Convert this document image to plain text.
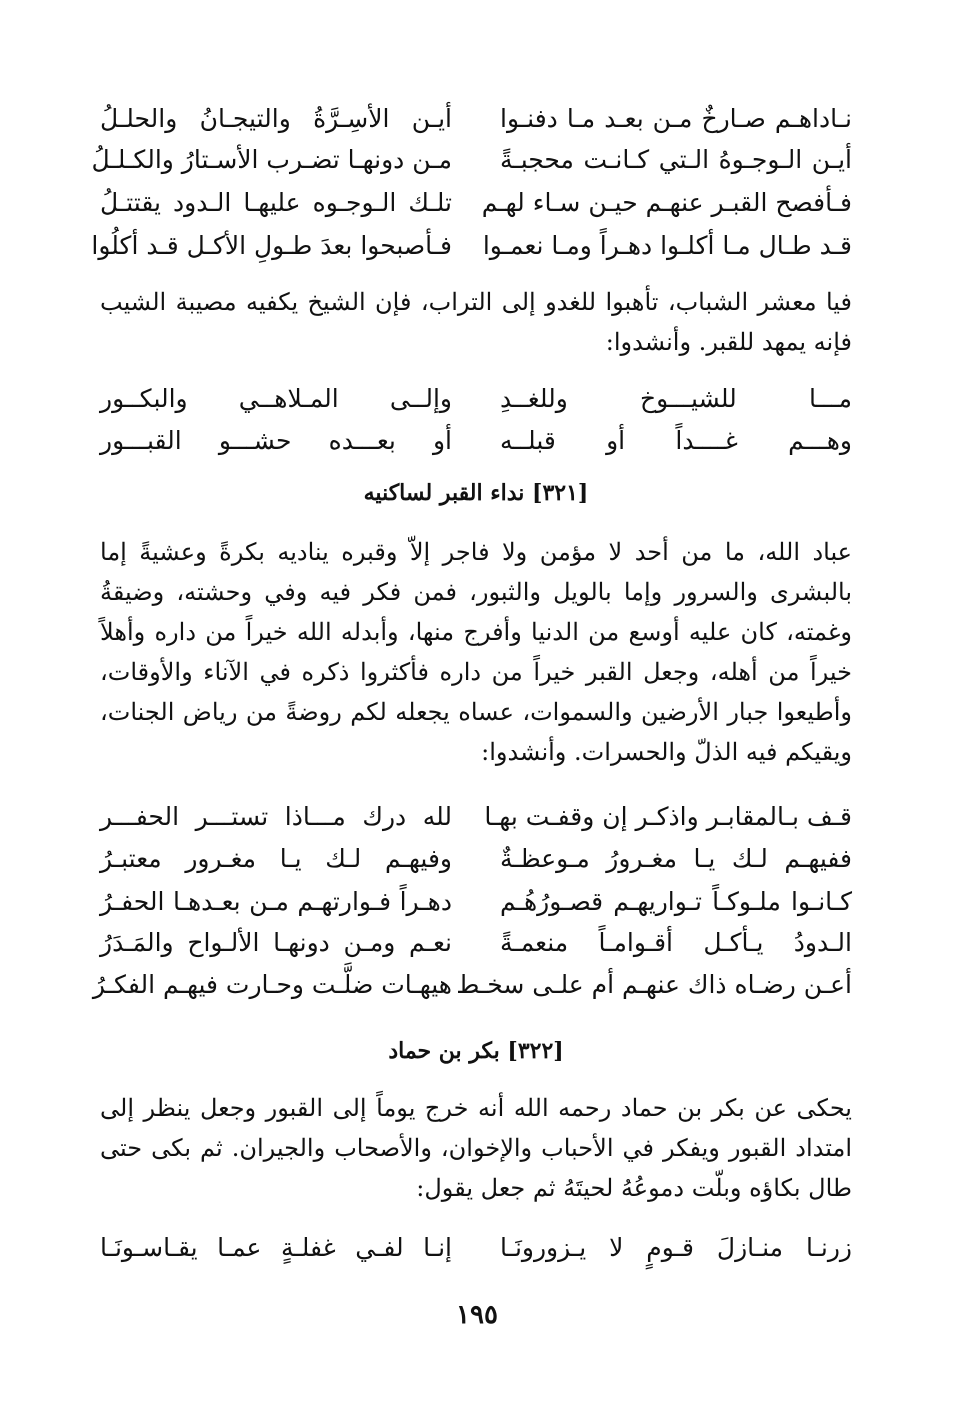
نـاداهـم صـارخٌ مـن بعـد مـا دفنـوا
أيـن الأسِـرَّةُ والتيجـانُ والحلـلُ
أيـن الـوجـوهُ الـتي كـانـت محجبـةً
مـن دونهـا تضـرب الأسـتارُ والكـلـلُ
فـأفصح القبـر عنهـم حيـن سـاء لهـم
تلـك الـوجـوه عليهـا الـدود يقتتـلُ
قـد طـال مـا أكلـوا دهـراً ومـا نعمـوا
فـأصبحوا بعدَ طـولِ الأكـل قـد أكلُوا
فيا معشر الشباب، تأهبوا للغدو إلى التراب، فإن الشيخ يكفيه مصيبة الشيب فإنه يمهد للقبر. وأنشدوا:
مـــا للشيـــوخ وللغــدِ
وإلــى المـلاهــي والبكــور
وهـــم غــــداً أو قبلــه
أو بعـــده حشـــو القبـــور
[٣٢١] نداء القبر لساكنيه
عباد الله، ما من أحد لا مؤمن ولا فاجر إلاّ وقبره يناديه بكرةً وعشيةً إما بالبشرى والسرور وإما بالويل والثبور، فمن فكر فيه وفي وحشته، وضيقةُ وغمته، كان عليه أوسع من الدنيا وأفرج منها، وأبدله الله خيراً من داره وأهلاً خيراً من أهله، وجعل القبر خيراً من داره فأكثروا ذكره في الآناء والأوقات، وأطيعوا جبار الأرضين والسموات، عساه يجعله لكم روضةً من رياض الجنات، ويقيكم فيه الذلّ والحسرات. وأنشدوا:
قـف بـالمقابـر واذكـر إن وقفـت بهـا
لله درك مـــاذا تستـــر الحفـــر
ففيهـم لـك يـا مغـرورُ مـوعظـةٌ
وفيهـم لـك يـا مغـرور معتبـرُ
كـانـوا ملـوكـاً تـواريهـم قصـورُهُـم
دهـراً فـوارتهـم مـن بعـدهـا الحفـرُ
الـدودُ يـأكـل أقـوامـاً منعمـةً
نعـم ومـن دونهـا الألـواح والمَـدَرُ
أعـن رضـاه ذاك عنهـم أم علـى سخـط
هيهـات ضلَّـت وحـارت فيهـم الفكـرُ
[٣٢٢] بكر بن حماد
يحكى عن بكر بن حماد رحمه الله أنه خرج يوماً إلى القبور وجعل ينظر إلى امتداد القبور ويفكر في الأحباب والإخوان، والأصحاب والجيران. ثم بكى حتى طال بكاؤه وبلّت دموعُهُ لحيتَهُ ثم جعل يقول:
زرنـا منـازلَ قـومٍ لا يـزورونَـا
إنـا لفـي غفلـةٍ عمـا يقـاسـونَـا
١٩٥
